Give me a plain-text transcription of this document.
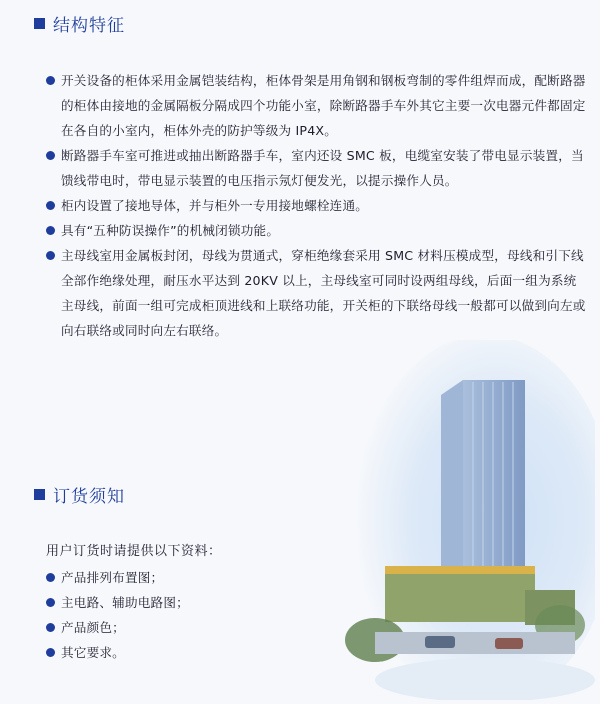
结构特征
开关设备的柜体采用金属铠装结构，柜体骨架是用角钢和钢板弯制的零件组焊而成，配断路器的柜体由接地的金属隔板分隔成四个功能小室，除断路器手车外其它主要一次电器元件都固定在各自的小室内，柜体外壳的防护等级为 IP4X。
断路器手车室可推进或抽出断路器手车，室内还设 SMC 板，电缆室安装了带电显示装置，当馈线带电时，带电显示装置的电压指示氖灯便发光，以提示操作人员。
柜内设置了接地导体，并与柜外一专用接地螺栓连通。
具有“五种防误操作”的机械闭锁功能。
主母线室用金属板封闭，母线为贯通式，穿柜绝缘套采用 SMC 材料压模成型，母线和引下线全部作绝缘处理，耐压水平达到 20KV 以上，主母线室可同时设两组母线，后面一组为系统主母线，前面一组可完成柜顶进线和上联络功能，开关柜的下联络母线一般都可以做到向左或向右联络或同时向左右联络。
订货须知
用户订货时请提供以下资料：
产品排列布置图；
主电路、辅助电路图；
产品颜色；
其它要求。
